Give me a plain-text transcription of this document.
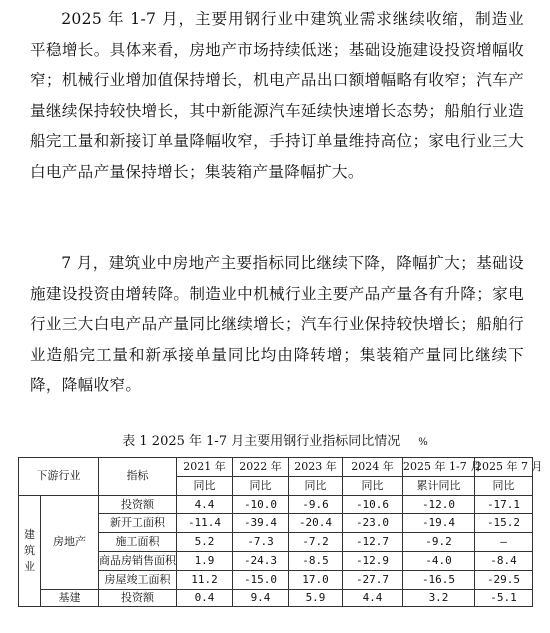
2025 年 1-7 月，主要用钢行业中建筑业需求继续收缩，制造业平稳增长。具体来看，房地产市场持续低迷；基础设施建设投资增幅收窄；机械行业增加值保持增长，机电产品出口额增幅略有收窄；汽车产量继续保持较快增长，其中新能源汽车延续快速增长态势；船舶行业造船完工量和新接订单量降幅收窄，手持订单量维持高位；家电行业三大白电产品产量保持增长；集装箱产量降幅扩大。

7 月，建筑业中房地产主要指标同比继续下降，降幅扩大；基础设施建设投资由增转降。制造业中机械行业主要产品产量各有升降；家电行业三大白电产品产量同比继续增长；汽车行业保持较快增长；船舶行业造船完工量和新承接单量同比均由降转增；集装箱产量同比继续下降，降幅收窄。

表 1 2025 年 1-7 月主要用钢行业指标同比情况 %
下游行业		指标	2021 年	2022 年	2023 年	2024 年	2025 年 1-7 月	2025 年 7 月
			同比	同比	同比	同比	累计同比	同比

建
筑
业	房地产	投资额	4.4	-10.0	-9.6	-10.6	-12.0	-17.1
		新开工面积	-11.4	-39.4	-20.4	-23.0	-19.4	-15.2
		施工面积	5.2	-7.3	-7.2	-12.7	-9.2	—
		商品房销售面积	1.9	-24.3	-8.5	-12.9	-4.0	-8.4
		房屋竣工面积	11.2	-15.0	17.0	-27.7	-16.5	-29.5
	基建	投资额	0.4	9.4	5.9	4.4	3.2	-5.1
